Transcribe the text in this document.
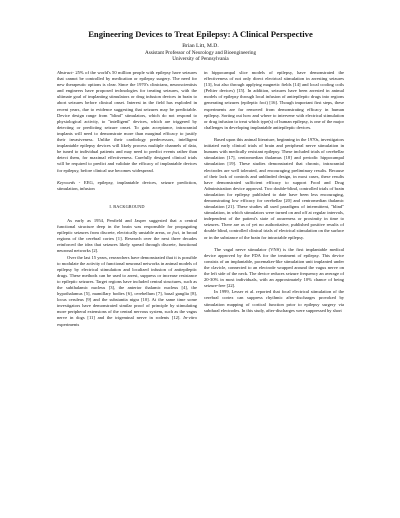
Engineering Devices to Treat Epilepsy: A Clinical Perspective
Brian Litt, M.D.
Assistant Professor of Neurology and Bioengineering
University of Pennsylvania

Abstract- 25% of the world's 50 million people with epilepsy have seizures that cannot be controlled by medication or epilepsy surgery. The need for new therapeutic options is clear. Since the 1970's clinicians, neuroscientists and engineers have proposed technologies for treating seizures, with the ultimate goal of implanting stimulators or drug infusion devices in brain to abort seizures before clinical onset. Interest in the field has exploded in recent years, due to evidence suggesting that seizures may be predictable. Device design range from "blind" stimulators, which do not respond to physiological activity, to "intelligent" devices, which are triggered by detecting or predicting seizure onset. To gain acceptance, intracranial implants will need to demonstrate more than marginal efficacy to justify their invasiveness. Unlike their cardiology predecessors, intelligent implantable epilepsy devices will likely process multiple channels of data, be tuned to individual patients and may need to predict events rather than detect them, for maximal effectiveness. Carefully designed clinical trials will be required to predict and validate the efficacy of implantable devices for epilepsy, before clinical use becomes widespread.

Keywords - EEG, epilepsy, implantable devices, seizure prediction, stimulation, infusion

I. BACKGROUND

As early as 1954, Penfield and Jasper suggested that a central functional structure deep in the brain was responsible for propagating epileptic seizures from discrete, electrically unstable areas, or foci, in broad regions of the cerebral cortex [1]. Research over the next three decades reinforced the idea that seizures likely spread through discrete, functional neuronal networks [2].

Over the last 15 years, researchers have demonstrated that it is possible to modulate the activity of functional neuronal networks in animal models of epilepsy by electrical stimulation and localized infusion of antiepileptic drugs. These methods can be used to arrest, suppress or increase resistance to epileptic seizures. Target regions have included central structures, such as the subthalamic nucleus [3], the anterior thalamic nucleus [4], the hypothalamus [5], mamillary bodies [6], cerebellum [7], basal ganglia [8], locus ceruleus [9] and the substantia nigra [10]. At the same time some investigators have demonstrated similar proof of principle by stimulating more peripheral extensions of the central nervous system, such as the vagus nerve in dogs [11] and the trigeminal nerve in rodents [12]. In-vitro experiments

in hippocampal slice models of epilepsy, have demonstrated the effectiveness of not only direct electrical stimulation in arresting seizures [13], but also through applying magnetic fields [14] and local cooling coils (Peltier devices) [15]. In addition, seizures have been arrested in animal models of epilepsy through local infusion of antiepileptic drugs into regions generating seizures (epileptic foci) [16]. Though important first steps, these experiments are far removed from demonstrating efficacy in human epilepsy. Sorting out how and where to intervene with electrical stimulation or drug infusion to treat which type(s) of human epilepsy, is one of the major challenges in developing implantable antiepileptic devices.

Based upon this animal literature, beginning in the 1970s, investigators initiated early clinical trials of brain and peripheral nerve stimulation in humans with medically resistant epilepsy. These included trials of cerebellar stimulation [17], centromedian thalamus [18] and periodic hippocampal stimulation [19]. These studies demonstrated that chronic, intracranial electrodes are well tolerated, and encouraging preliminary results. Because of their lack of controls and unblinded design, in most cases, these results have demonstrated sufficient efficacy to support Food and Drug Administration device approval. Two double-blind, controlled trials of brain stimulation for epilepsy published to date have been less encouraging, demonstrating low efficacy for cerebellar [20] and centromedian thalamic stimulation [21]. These studies all used paradigms of intermittent, "blind" stimulation, in which stimulators were turned on and off at regular intervals, independent of the patient's state of awareness or proximity in time to seizures. There are as of yet no authoritative, published positive results of double blind, controlled clinical trials of electrical stimulation on the surface or in the substance of the brain for intractable epilepsy.

The vagal nerve stimulator (VNS) is the first implantable medical device approved by the FDA for the treatment of epilepsy. This device consists of an implantable, pacemaker-like stimulation unit implanted under the clavicle, connected to an electrode wrapped around the vagus nerve on the left side of the neck. The device reduces seizure frequency an average of 20-30% in most individuals, with an approximately 10% chance of being seizure-free [22].

In 1999, Lesser et al. reported that focal electrical stimulation of the cerebral cortex can suppress rhythmic after-discharges provoked by stimulation mapping of cortical function prior to epilepsy surgery via subdural electrodes. In this study, after-discharges were suppressed by short
